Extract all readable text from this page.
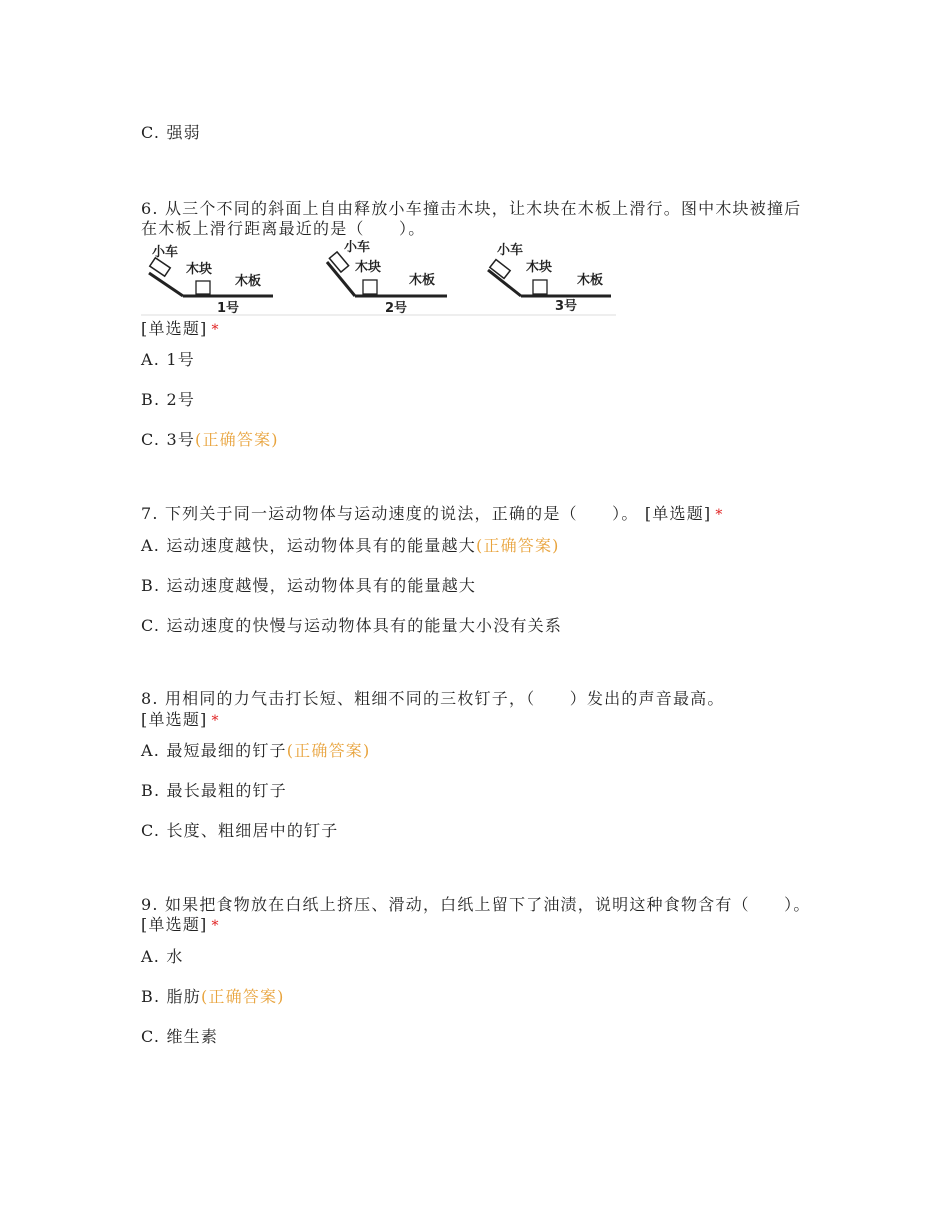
C. 强弱
6. 从三个不同的斜面上自由释放小车撞击木块，让木块在木板上滑行。图中木块被撞后在木板上滑行距离最近的是（　　）。
小车
木块
木板
1号
小车
木块
木板
2号
小车
木块
木板
3号
[单选题] *
A. 1号
B. 2号
C. 3号(正确答案)
7. 下列关于同一运动物体与运动速度的说法，正确的是（　　）。 [单选题] *
A. 运动速度越快，运动物体具有的能量越大(正确答案)
B. 运动速度越慢，运动物体具有的能量越大
C. 运动速度的快慢与运动物体具有的能量大小没有关系
8. 用相同的力气击打长短、粗细不同的三枚钉子，（　　）发出的声音最高。
[单选题] *
A. 最短最细的钉子(正确答案)
B. 最长最粗的钉子
C. 长度、粗细居中的钉子
9. 如果把食物放在白纸上挤压、滑动，白纸上留下了油渍，说明这种食物含有（　　）。 [单选题] *
A. 水
B. 脂肪(正确答案)
C. 维生素
